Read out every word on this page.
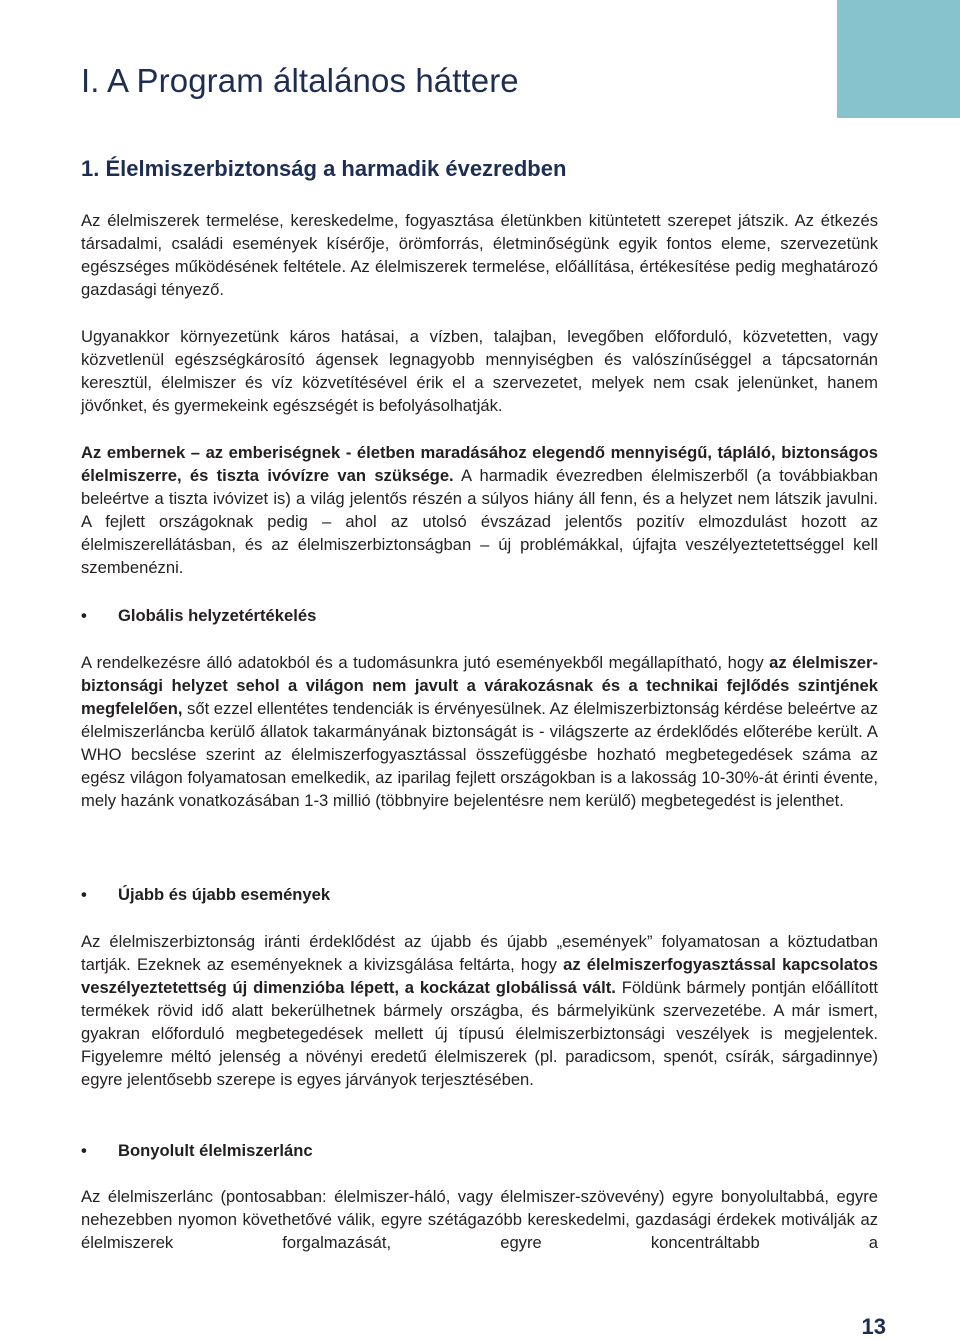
I. A Program általános háttere
1. Élelmiszerbiztonság a harmadik évezredben

Az élelmiszerek termelése, kereskedelme, fogyasztása életünkben kitüntetett szerepet játszik. Az étkezés társadalmi, családi események kísérője, örömforrás, életminőségünk egyik fontos eleme, szervezetünk egészséges működésének feltétele. Az élelmiszerek termelése, előállítása, értékesítése pedig meghatározó gazdasági tényező.

Ugyanakkor környezetünk káros hatásai, a vízben, talajban, levegőben előforduló, közvetetten, vagy közvetlenül egészségkárosító ágensek legnagyobb mennyiségben és valószínűséggel a tápcsatornán keresztül, élelmiszer és víz közvetítésével érik el a szervezetet, melyek nem csak jelenünket, hanem jövőnket, és gyermekeink egészségét is befolyásolhatják.

Az embernek – az emberiségnek - életben maradásához elegendő mennyiségű, tápláló, biztonságos élelmiszerre, és tiszta ivóvízre van szüksége. A harmadik évezredben élelmiszerből (a továbbiakban beleértve a tiszta ivóvizet is) a világ jelentős részén a súlyos hiány áll fenn, és a helyzet nem látszik javulni. A fejlett országoknak pedig – ahol az utolsó évszázad jelentős pozitív elmozdulást hozott az élelmiszerellátásban, és az élelmiszerbiztonságban – új problémákkal, újfajta veszélyeztetettséggel kell szembenézni.

• Globális helyzetértékelés

A rendelkezésre álló adatokból és a tudomásunkra jutó eseményekből megállapítható, hogy az élelmiszer-biztonsági helyzet sehol a világon nem javult a várakozásnak és a technikai fejlődés szintjének megfelelően, sőt ezzel ellentétes tendenciák is érvényesülnek. Az élelmiszerbiztonság kérdése beleértve az élelmiszerláncba kerülő állatok takarmányának biztonságát is - világszerte az érdeklődés előterébe került. A WHO becslése szerint az élelmiszerfogyasztással összefüggésbe hozható megbetegedések száma az egész világon folyamatosan emelkedik, az iparilag fejlett országokban is a lakosság 10-30%-át érinti évente, mely hazánk vonatkozásában 1-3 millió (többnyire bejelentésre nem kerülő) megbetegedést is jelenthet.

• Újabb és újabb események

Az élelmiszerbiztonság iránti érdeklődést az újabb és újabb „események” folyamatosan a köztudatban tartják. Ezeknek az eseményeknek a kivizsgálása feltárta, hogy az élelmiszerfogyasztással kapcsolatos veszélyeztetettség új dimenzióba lépett, a kockázat globálissá vált. Földünk bármely pontján előállított termékek rövid idő alatt bekerülhetnek bármely országba, és bármelyikünk szervezetébe. A már ismert, gyakran előforduló megbetegedések mellett új típusú élelmiszerbiztonsági veszélyek is megjelentek. Figyelemre méltó jelenség a növényi eredetű élelmiszerek (pl. paradicsom, spenót, csírák, sárgadinnye) egyre jelentősebb szerepe is egyes járványok terjesztésében.

• Bonyolult élelmiszerlánc

Az élelmiszerlánc (pontosabban: élelmiszer-háló, vagy élelmiszer-szövevény) egyre bonyolultabbá, egyre nehezebben nyomon követhetővé válik, egyre szétágazóbb kereskedelmi, gazdasági érdekek motiválják az élelmiszerek forgalmazását, egyre koncentráltabb a

13
